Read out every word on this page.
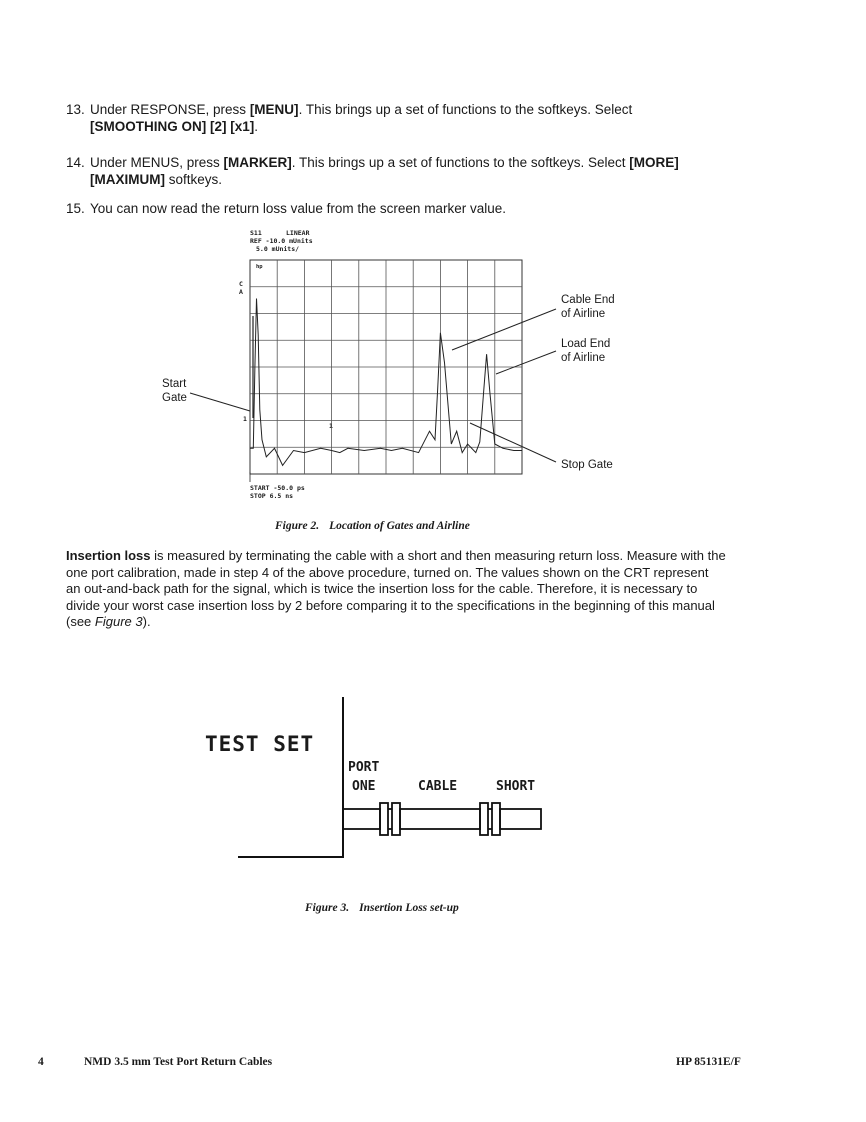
13. Under RESPONSE, press [MENU]. This brings up a set of functions to the softkeys. Select
[SMOOTHING ON] [2] [x1].
14. Under MENUS, press [MARKER]. This brings up a set of functions to the softkeys. Select [MORE]
[MAXIMUM] softkeys.
15. You can now read the return loss value from the screen marker value.
S11	LINEAR
REF -10.0 mUnits
5.0 mUnits/
hp
C
A
1
1
START -50.0 ps
STOP 6.5 ns
Start
Gate
Cable End
of Airline
Load End
of Airline
Stop Gate
Figure 2. Location of Gates and Airline
Insertion loss is measured by terminating the cable with a short and then measuring return loss. Measure with the one port calibration, made in step 4 of the above procedure, turned on. The values shown on the CRT represent an out-and-back path for the signal, which is twice the insertion loss for the cable. Therefore, it is necessary to divide your worst case insertion loss by 2 before comparing it to the specifications in the beginning of this manual (see Figure 3).
TEST SET
PORT
ONE	CABLE	SHORT
Figure 3. Insertion Loss set-up
4	NMD 3.5 mm Test Port Return Cables	HP 85131E/F
